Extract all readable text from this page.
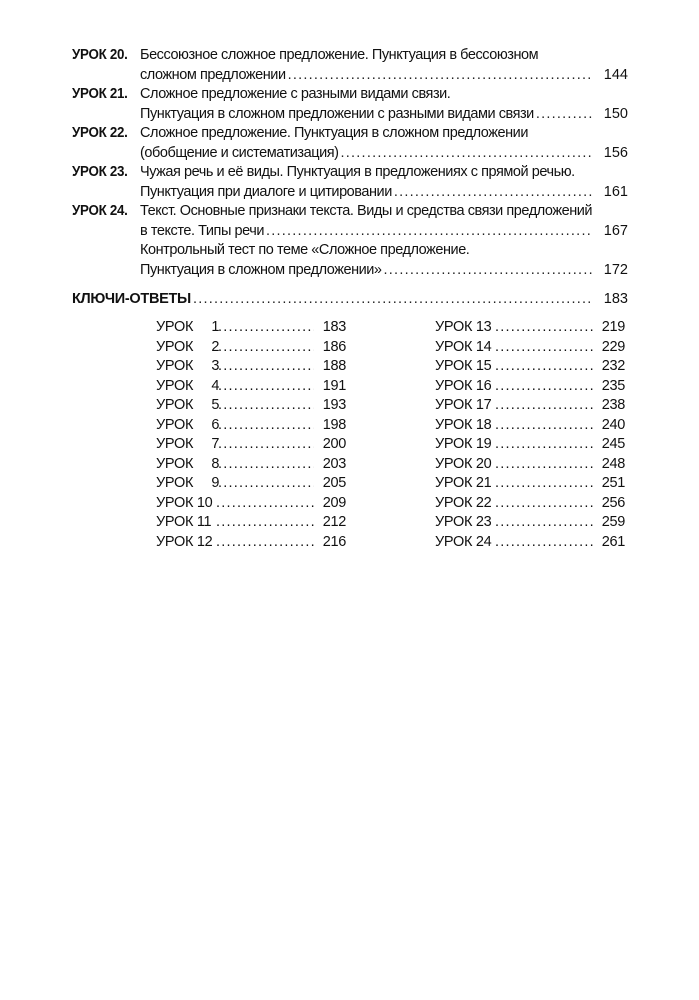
УРОК 20. Бессоюзное сложное предложение. Пунктуация в бессоюзном
сложном предложении . . .	144
УРОК 21. Сложное предложение с разными видами связи.
Пунктуация в сложном предложении с разными видами связи . . .	150
УРОК 22. Сложное предложение. Пунктуация в сложном предложении
(обобщение и систематизация) . . .	156
УРОК 23. Чужая речь и её виды. Пунктуация в предложениях с прямой речью.
Пунктуация при диалоге и цитировании . . .	161
УРОК 24. Текст. Основные признаки текста. Виды и средства связи предложений
в тексте. Типы речи . . .	167
Контрольный тест по теме «Сложное предложение.
Пунктуация в сложном предложении» . . .	172
КЛЮЧИ-ОТВЕТЫ . . .	183
УРОК 1 . . .	183
УРОК 2 . . .	186
УРОК 3 . . .	188
УРОК 4 . . .	191
УРОК 5 . . .	193
УРОК 6 . . .	198
УРОК 7 . . .	200
УРОК 8 . . .	203
УРОК 9 . . .	205
УРОК 10 . . .	209
УРОК 11 . . .	212
УРОК 12 . . .	216
УРОК 13 . . .	219
УРОК 14 . . .	229
УРОК 15 . . .	232
УРОК 16 . . .	235
УРОК 17 . . .	238
УРОК 18 . . .	240
УРОК 19 . . .	245
УРОК 20 . . .	248
УРОК 21 . . .	251
УРОК 22 . . .	256
УРОК 23 . . .	259
УРОК 24 . . .	261
